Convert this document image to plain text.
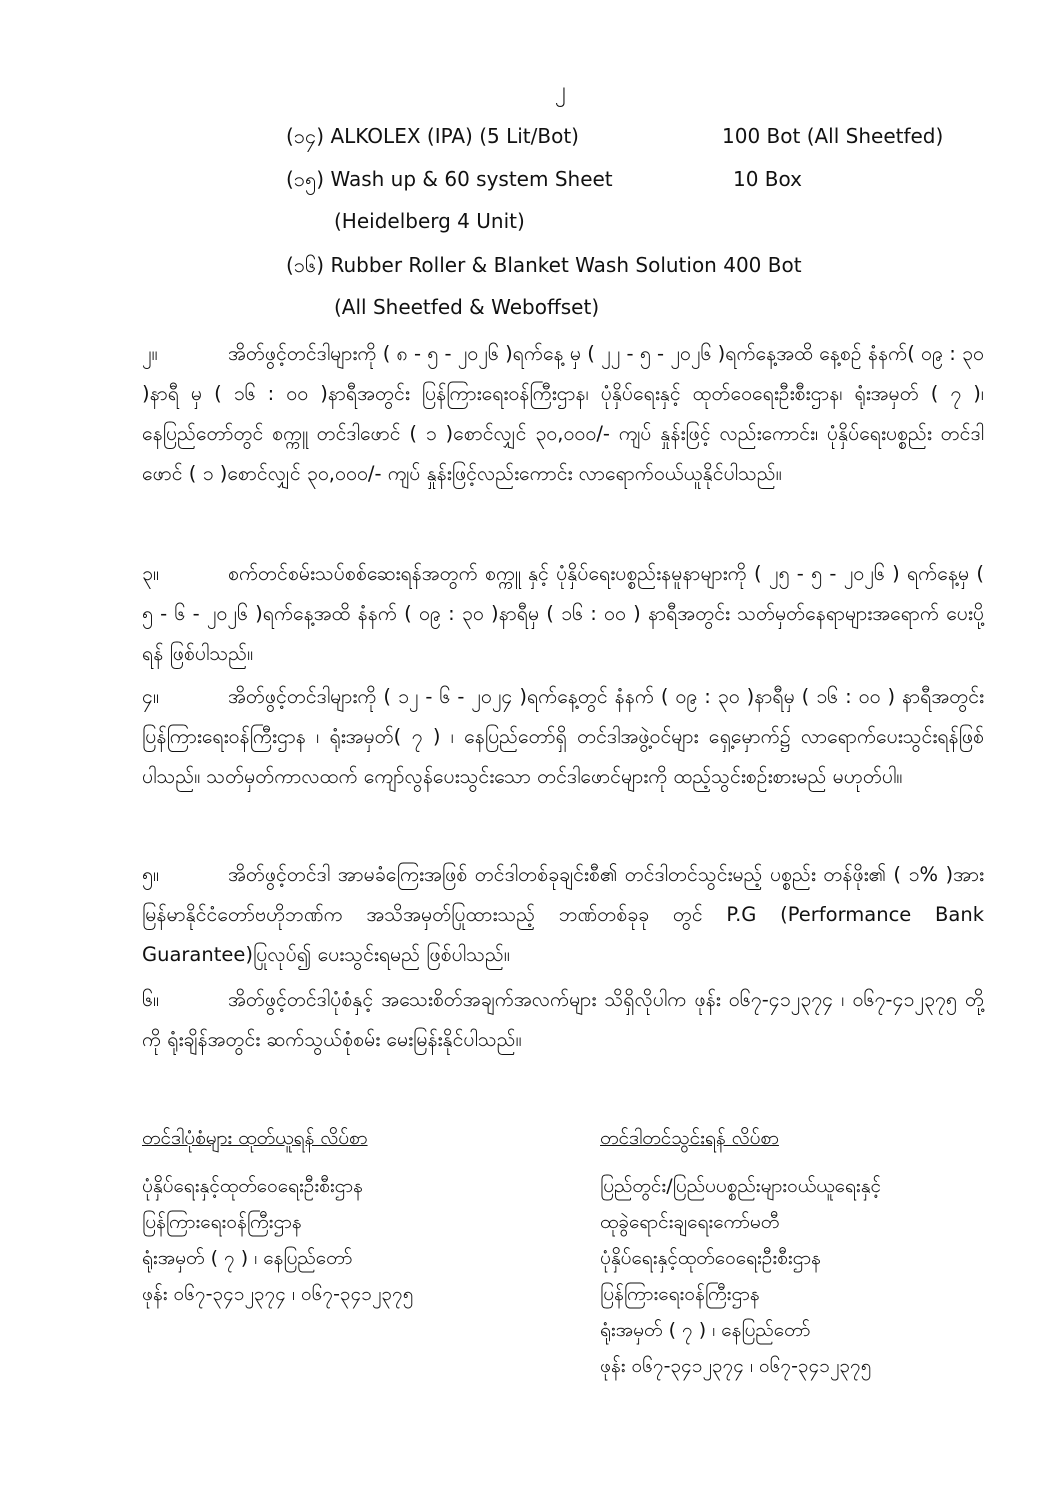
၂
(၁၄) ALKOLEX (IPA) (5 Lit/Bot)	100 Bot (All Sheetfed)
(၁၅) Wash up & 60 system Sheet	10 Box
(Heidelberg 4 Unit)
(၁၆) Rubber Roller & Blanket Wash Solution 400 Bot
(All Sheetfed & Weboffset)
၂။	အိတ်ဖွင့်တင်ဒါများကို ( ၈ - ၅ - ၂၀၂၆ )ရက်နေ့ မှ ( ၂၂ - ၅ - ၂၀၂၆ )ရက်နေ့အထိ နေ့စဉ် နံနက်( ၀၉ : ၃၀ )နာရီ မှ ( ၁၆ : ၀၀ )နာရီအတွင်း ပြန်ကြားရေးဝန်ကြီးဌာန၊ ပုံနှိပ်ရေးနှင့် ထုတ်ဝေရေးဦးစီးဌာန၊ ရုံးအမှတ် ( ၇ )၊ နေပြည်တော်တွင် စက္ကူ တင်ဒါဖောင် ( ၁ )စောင်လျှင် ၃၀,၀၀၀/- ကျပ် နှုန်းဖြင့် လည်းကောင်း၊ ပုံနှိပ်ရေးပစ္စည်း တင်ဒါဖောင် ( ၁ )စောင်လျှင် ၃၀,၀၀၀/- ကျပ် နှုန်းဖြင့်လည်းကောင်း လာရောက်ဝယ်ယူနိုင်ပါသည်။
၃။	စက်တင်စမ်းသပ်စစ်ဆေးရန်အတွက် စက္ကူ နှင့် ပုံနှိပ်ရေးပစ္စည်းနမူနာများကို ( ၂၅ - ၅ - ၂၀၂၆ ) ရက်နေ့မှ ( ၅ - ၆ - ၂၀၂၆ )ရက်နေ့အထိ နံနက် ( ၀၉ : ၃၀ )နာရီမှ ( ၁၆ : ၀၀ ) နာရီအတွင်း သတ်မှတ်နေရာများအရောက် ပေးပို့ရန် ဖြစ်ပါသည်။
၄။	အိတ်ဖွင့်တင်ဒါများကို ( ၁၂ - ၆ - ၂၀၂၄ )ရက်နေ့တွင် နံနက် ( ၀၉ : ၃၀ )နာရီမှ ( ၁၆ : ၀၀ ) နာရီအတွင်း ပြန်ကြားရေးဝန်ကြီးဌာန ၊ ရုံးအမှတ်( ၇ ) ၊ နေပြည်တော်ရှိ တင်ဒါအဖွဲ့ဝင်များ ရှေ့မှောက်၌ လာရောက်ပေးသွင်းရန်ဖြစ်ပါသည်။ သတ်မှတ်ကာလထက် ကျော်လွန်ပေးသွင်းသော တင်ဒါဖောင်များကို ထည့်သွင်းစဉ်းစားမည် မဟုတ်ပါ။
၅။	အိတ်ဖွင့်တင်ဒါ အာမခံကြေးအဖြစ် တင်ဒါတစ်ခုချင်းစီ၏ တင်ဒါတင်သွင်းမည့် ပစ္စည်း တန်ဖိုး၏ ( ၁% )အား မြန်မာနိုင်ငံတော်ဗဟိုဘဏ်က အသိအမှတ်ပြုထားသည့် ဘဏ်တစ်ခုခု တွင် P.G (Performance Bank Guarantee)ပြုလုပ်၍ ပေးသွင်းရမည် ဖြစ်ပါသည်။
၆။	အိတ်ဖွင့်တင်ဒါပုံစံနှင့် အသေးစိတ်အချက်အလက်များ သိရှိလိုပါက ဖုန်း ၀၆၇-၄၁၂၃၇၄ ၊ ၀၆၇-၄၁၂၃၇၅ တို့ကို ရုံးချိန်အတွင်း ဆက်သွယ်စုံစမ်း မေးမြန်းနိုင်ပါသည်။
တင်ဒါပုံစံများ ထုတ်ယူရန် လိပ်စာ
ပုံနှိပ်ရေးနှင့်ထုတ်ဝေရေးဦးစီးဌာန
ပြန်ကြားရေးဝန်ကြီးဌာန
ရုံးအမှတ် ( ၇ ) ၊ နေပြည်တော်
ဖုန်း ၀၆၇-၃၄၁၂၃၇၄ ၊ ၀၆၇-၃၄၁၂၃၇၅
တင်ဒါတင်သွင်းရန် လိပ်စာ
ပြည်တွင်း/ပြည်ပပစ္စည်းများဝယ်ယူရေးနှင့်
ထုခွဲရောင်းချရေးကော်မတီ
ပုံနှိပ်ရေးနှင့်ထုတ်ဝေရေးဦးစီးဌာန
ပြန်ကြားရေးဝန်ကြီးဌာန
ရုံးအမှတ် ( ၇ ) ၊ နေပြည်တော်
ဖုန်း ၀၆၇-၃၄၁၂၃၇၄ ၊ ၀၆၇-၃၄၁၂၃၇၅
